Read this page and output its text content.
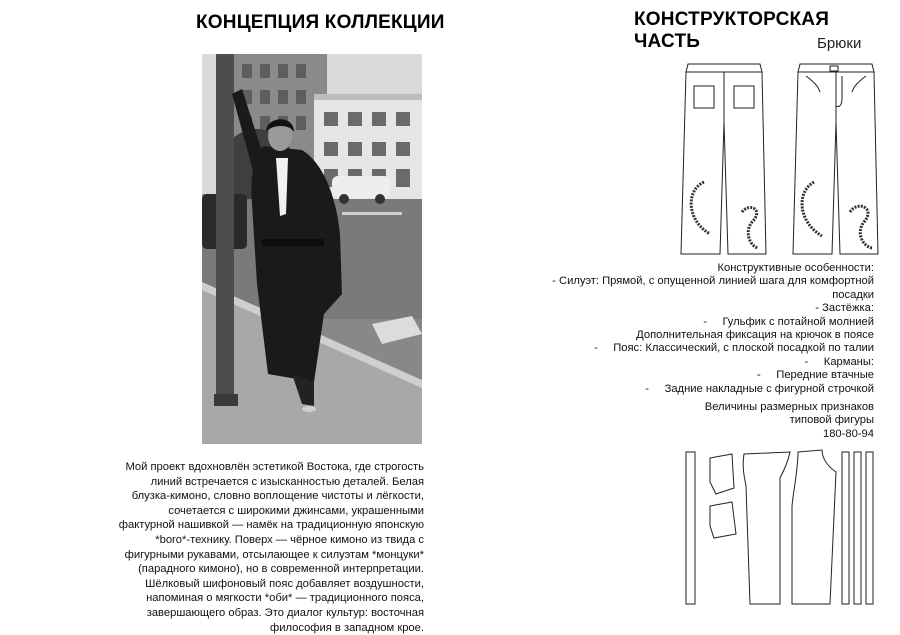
КОНЦЕПЦИЯ КОЛЛЕКЦИИ	КОНСТРУКТОРСКАЯ ЧАСТЬ	Брюки
Мой проект вдохновлён эстетикой Востока, где строгость линий встречается с изысканностью деталей. Белая блузка-кимоно, словно воплощение чистоты и лёгкости, сочетается с широкими джинсами, украшенными фактурной нашивкой — намёк на традиционную японскую *boro*-технику. Поверх — чёрное кимоно из твида с фигурными рукавами, отсылающее к силуэтам *монцуки* (парадного кимоно), но в современной интерпретации. Шёлковый шифоновый пояс добавляет воздушности, напоминая о мягкости *оби* — традиционного пояса, завершающего образ. Это диалог культур: восточная философия в западном крое.
Конструктивные особенности:
- Силуэт: Прямой, с опущенной линией шага для комфортной
посадки
- Застёжка:
-     Гульфик с потайной молнией
Дополнительная фиксация на крючок в поясе
-     Пояс: Классический, с плоской посадкой по талии
-     Карманы:
-     Передние втачные
-     Задние накладные с фигурной строчкой
Величины размерных признаков
типовой фигуры
180-80-94
